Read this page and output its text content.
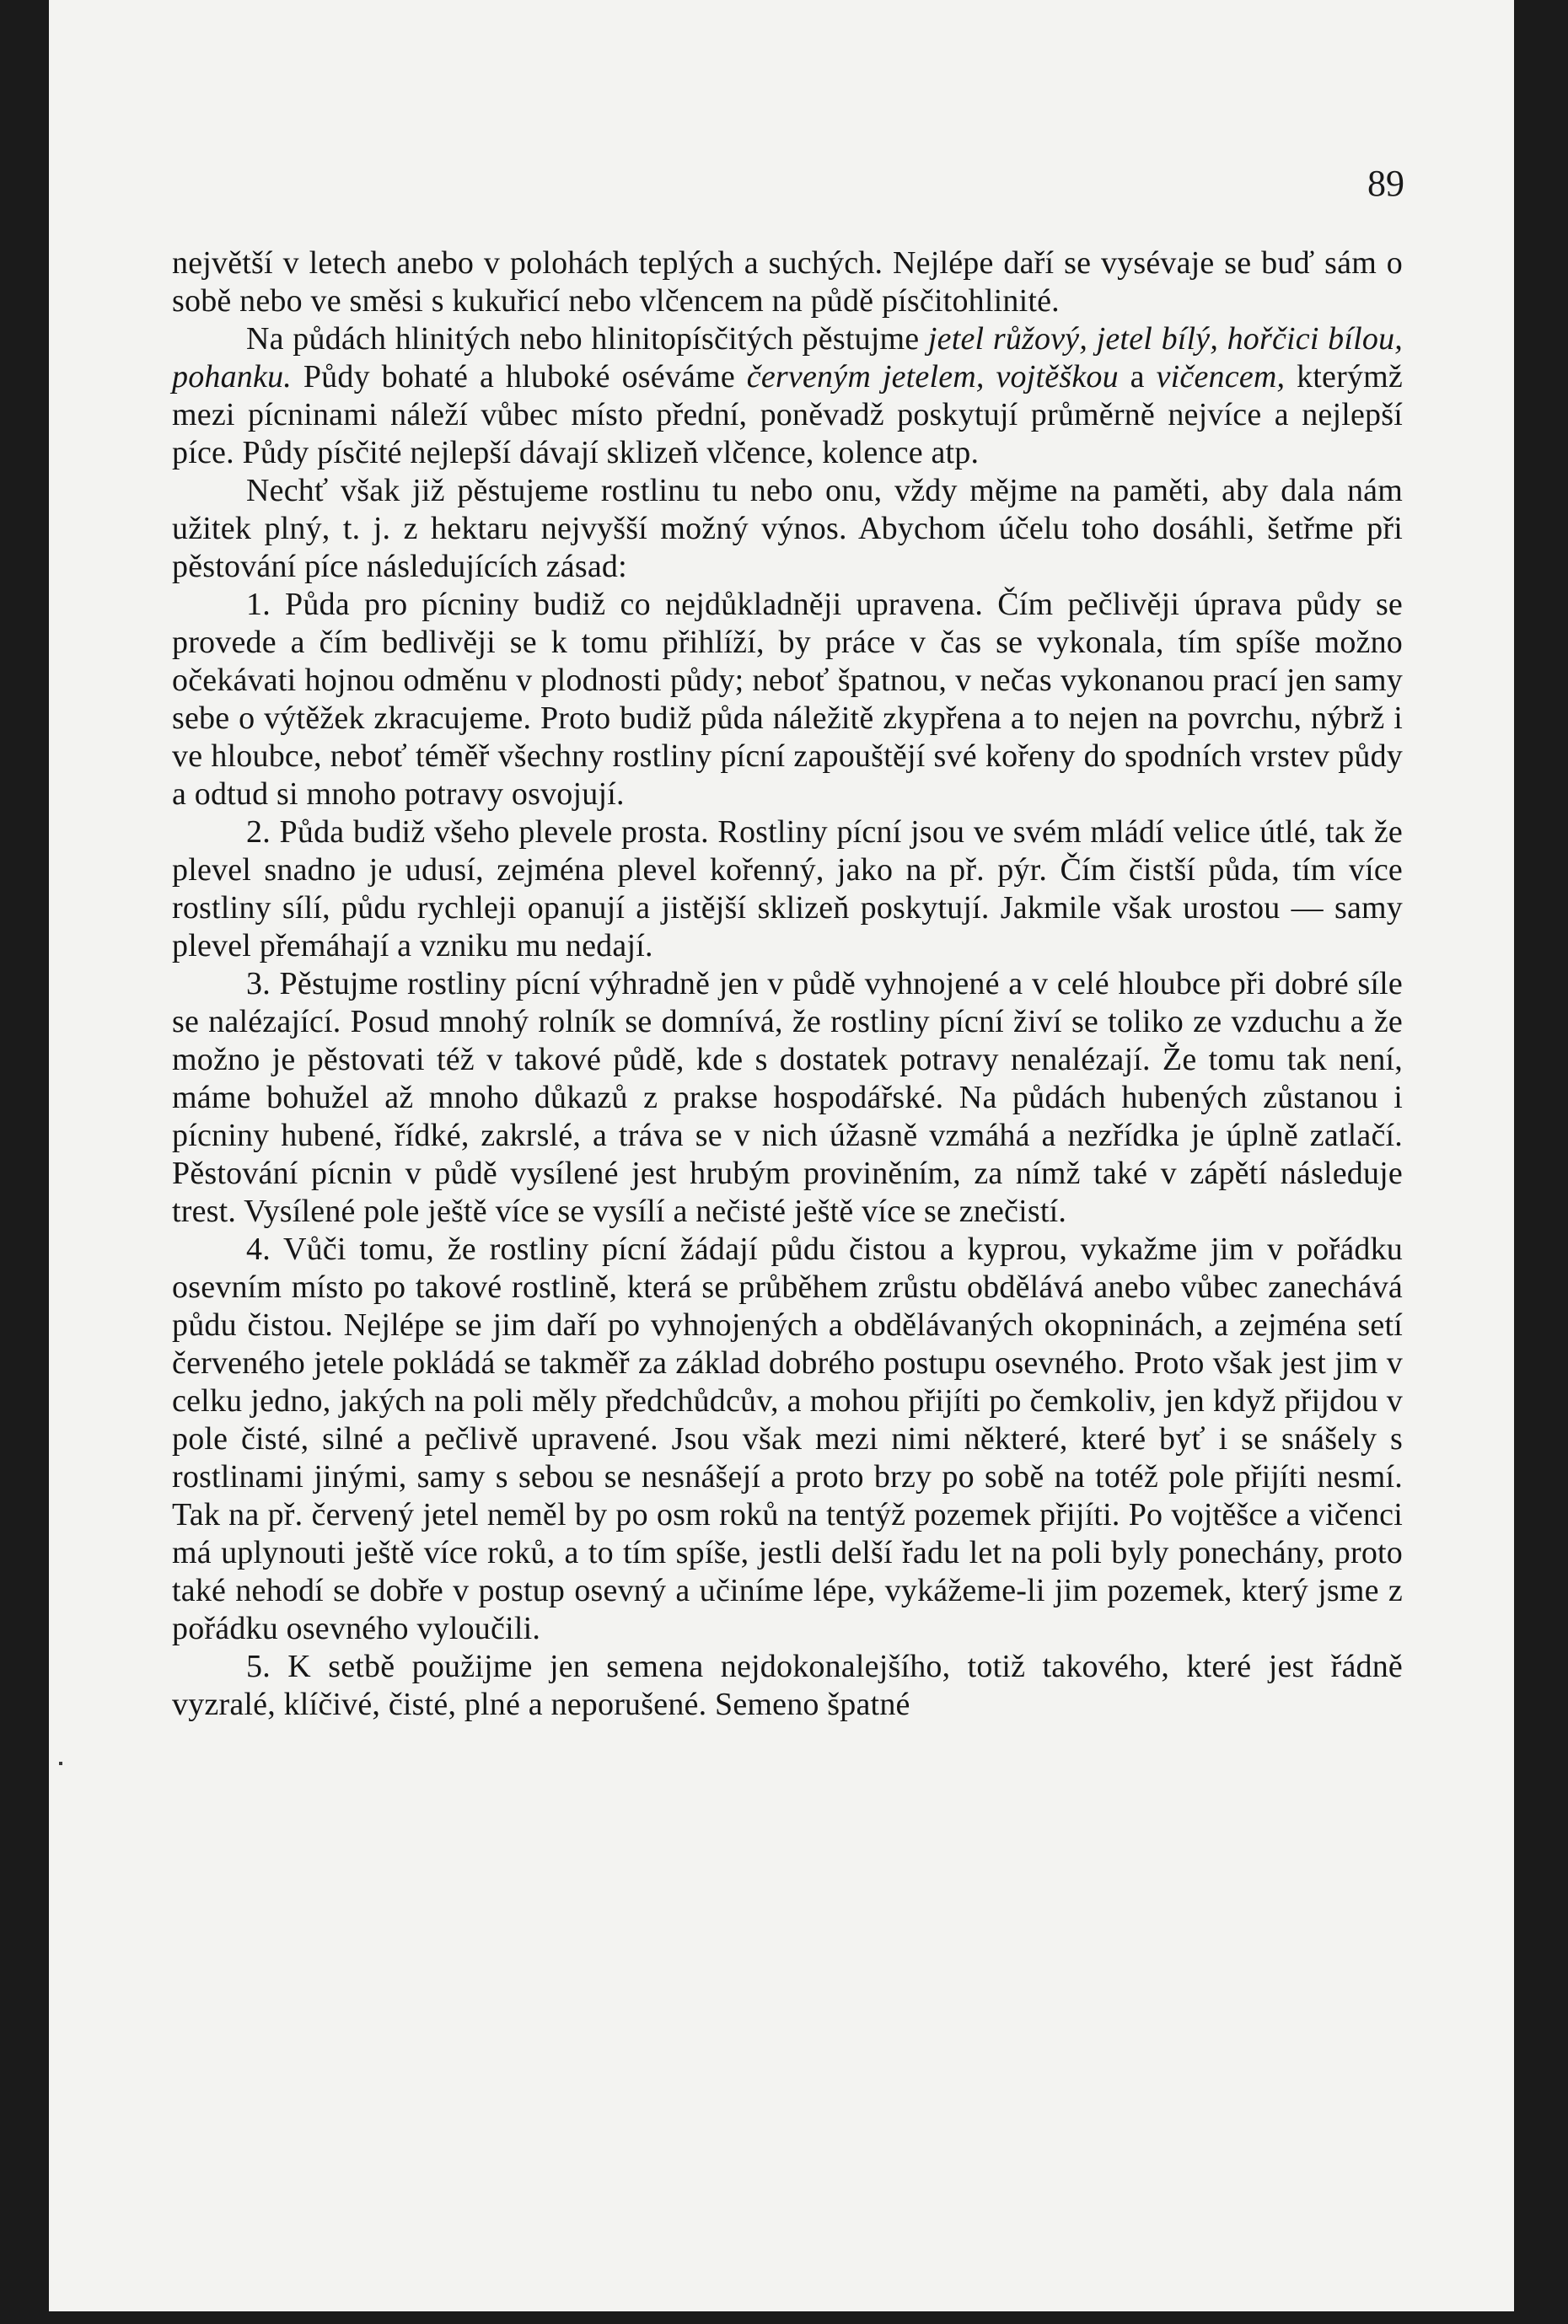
89

největší v letech anebo v polohách teplých a suchých. Nejlépe daří se vysévaje se buď sám o sobě nebo ve směsi s kukuřicí nebo vlčencem na půdě písčitohlinité.

Na půdách hlinitých nebo hlinitopísčitých pěstujme jetel růžový, jetel bílý, hořčici bílou, pohanku. Půdy bohaté a hluboké oséváme červeným jetelem, vojtěškou a vičencem, kterýmž mezi pícninami náleží vůbec místo přední, poněvadž poskytují průměrně nejvíce a nejlepší píce. Půdy písčité nejlepší dávají sklizeň vlčence, kolence atp.

Nechť však již pěstujeme rostlinu tu nebo onu, vždy mějme na paměti, aby dala nám užitek plný, t. j. z hektaru nejvyšší možný výnos. Abychom účelu toho dosáhli, šetřme při pěstování píce následujících zásad:

1. Půda pro pícniny budiž co nejdůkladněji upravena. Čím pečlivěji úprava půdy se provede a čím bedlivěji se k tomu přihlíží, by práce v čas se vykonala, tím spíše možno očekávati hojnou odměnu v plodnosti půdy; neboť špatnou, v nečas vykonanou prací jen samy sebe o výtěžek zkracujeme. Proto budiž půda náležitě zkypřena a to nejen na povrchu, nýbrž i ve hloubce, neboť téměř všechny rostliny pícní zapouštějí své kořeny do spodních vrstev půdy a odtud si mnoho potravy osvojují.

2. Půda budiž všeho plevele prosta. Rostliny pícní jsou ve svém mládí velice útlé, tak že plevel snadno je udusí, zejména plevel kořenný, jako na př. pýr. Čím čistší půda, tím více rostliny sílí, půdu rychleji opanují a jistější sklizeň poskytují. Jakmile však urostou — samy plevel přemáhají a vzniku mu nedají.

3. Pěstujme rostliny pícní výhradně jen v půdě vyhnojené a v celé hloubce při dobré síle se nalézající. Posud mnohý rolník se domnívá, že rostliny pícní živí se toliko ze vzduchu a že možno je pěstovati též v takové půdě, kde s dostatek potravy nenalézají. Že tomu tak není, máme bohužel až mnoho důkazů z prakse hospodářské. Na půdách hubených zůstanou i pícniny hubené, řídké, zakrslé, a tráva se v nich úžasně vzmáhá a nezřídka je úplně zatlačí. Pěstování pícnin v půdě vysílené jest hrubým proviněním, za nímž také v zápětí následuje trest. Vysílené pole ještě více se vysílí a nečisté ještě více se znečistí.

4. Vůči tomu, že rostliny pícní žádají půdu čistou a kyprou, vykažme jim v pořádku osevním místo po takové rostlině, která se průběhem zrůstu obdělává anebo vůbec zanechává půdu čistou. Nejlépe se jim daří po vyhnojených a obdělávaných okopninách, a zejména setí červeného jetele pokládá se takměř za základ dobrého postupu osevného. Proto však jest jim v celku jedno, jakých na poli měly předchůdcův, a mohou přijíti po čemkoliv, jen když přijdou v pole čisté, silné a pečlivě upravené. Jsou však mezi nimi některé, které byť i se snášely s rostlinami jinými, samy s sebou se nesnášejí a proto brzy po sobě na totéž pole přijíti nesmí. Tak na př. červený jetel neměl by po osm roků na tentýž pozemek přijíti. Po vojtěšce a vičenci má uplynouti ještě více roků, a to tím spíše, jestli delší řadu let na poli byly ponechány, proto také nehodí se dobře v postup osevný a učiníme lépe, vykážeme-li jim pozemek, který jsme z pořádku osevného vyloučili.

5. K setbě použijme jen semena nejdokonalejšího, totiž takového, které jest řádně vyzralé, klíčivé, čisté, plné a neporušené. Semeno špatné
